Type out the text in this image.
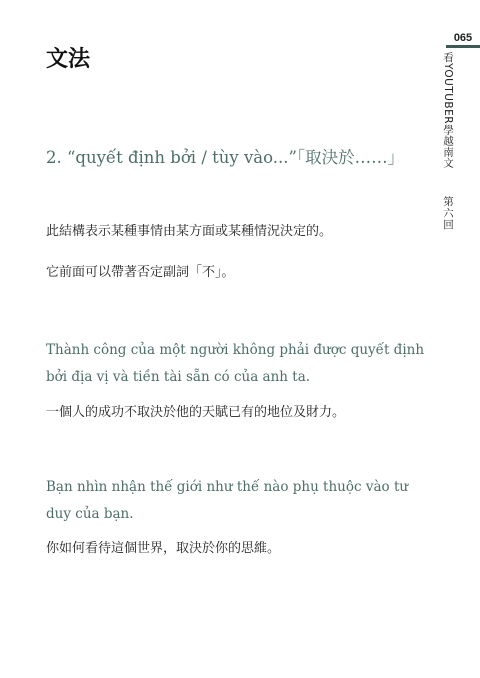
065
看YOUTUBER學越南文
第六回
文法
2. “quyết định bởi / tùy vào...”「取決於……」
此結構表示某種事情由某方面或某種情況決定的。
它前面可以帶著否定副詞「不」。
Thành công của một người không phải được quyết định bởi địa vị và tiền tài sẵn có của anh ta.
一個人的成功不取決於他的天賦已有的地位及財力。
Bạn nhìn nhận thế giới như thế nào phụ thuộc vào tư duy của bạn.
你如何看待這個世界，取決於你的思維。
